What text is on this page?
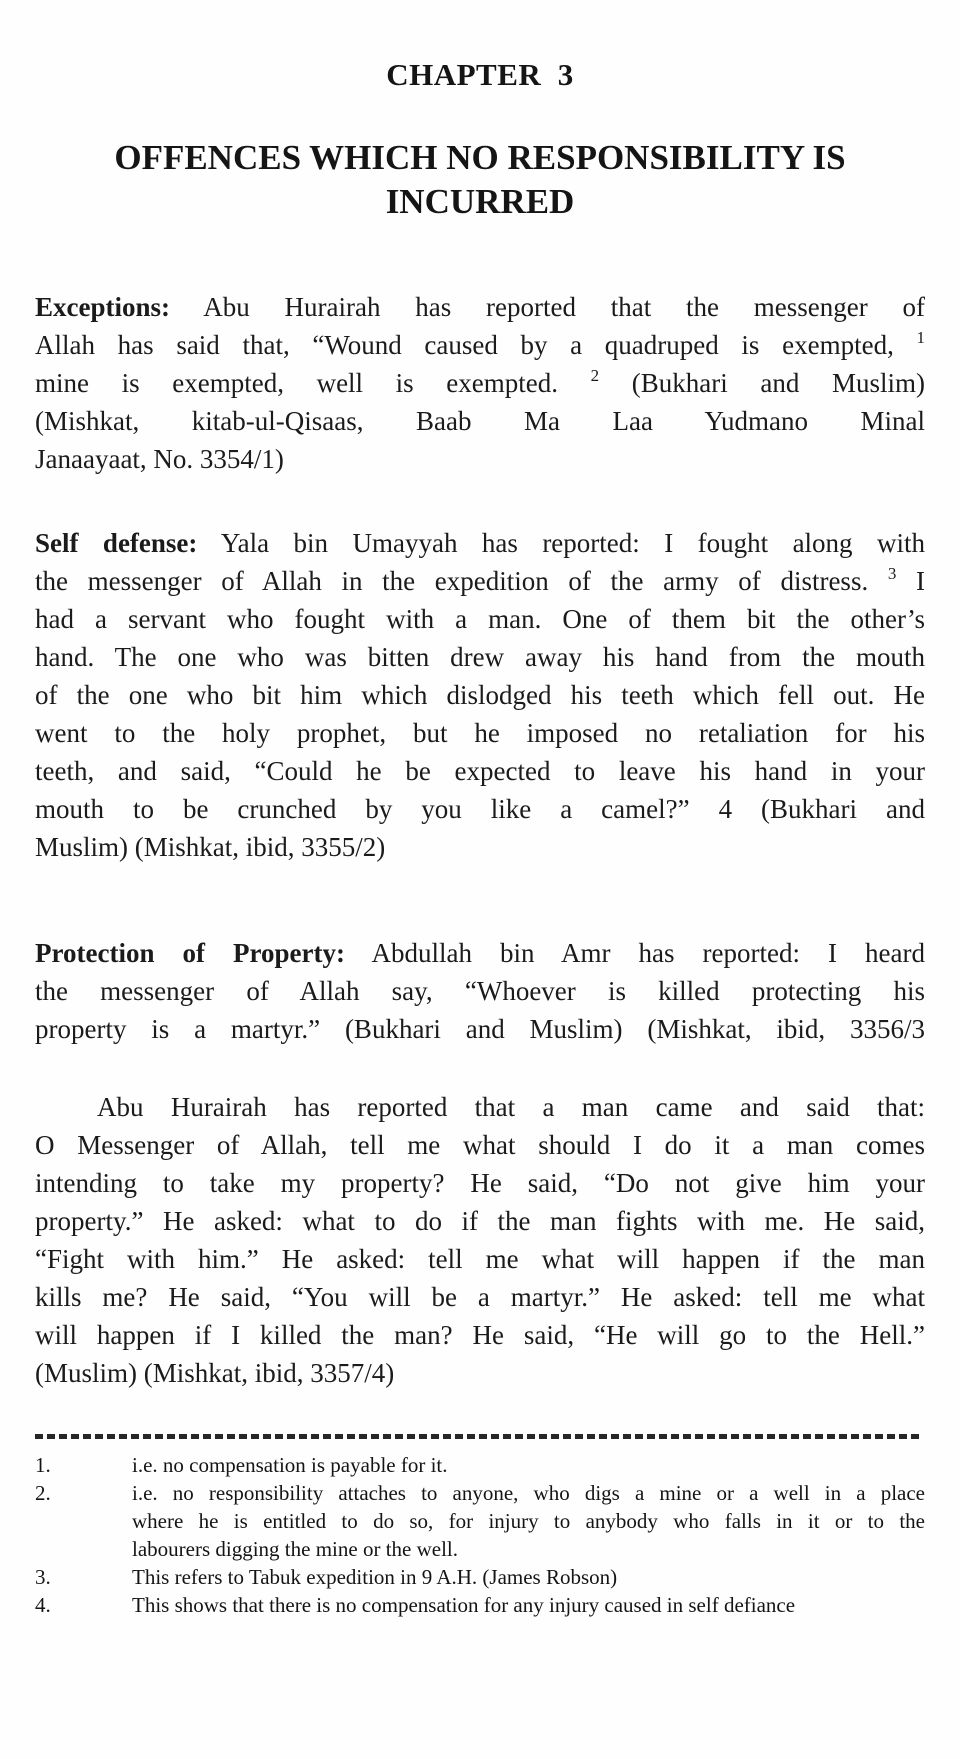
CHAPTER  3
OFFENCES WHICH NO RESPONSIBILITY IS
INCURRED
Exceptions: Abu Hurairah has reported that the messenger of
Allah has said that, “Wound caused by a quadruped is exempted, $^1$
mine is exempted, well is exempted. $^2$ (Bukhari and Muslim)
(Mishkat, kitab-ul-Qisaas, Baab Ma Laa Yudmano Minal
Janaayaat, No. 3354/1)
Self defense: Yala bin Umayyah has reported: I fought along with
the messenger of Allah in the expedition of the army of distress. $^3$ I
had a servant who fought with a man. One of them bit the other’s
hand. The one who was bitten drew away his hand from the mouth
of the one who bit him which dislodged his teeth which fell out. He
went to the holy prophet, but he imposed no retaliation for his
teeth, and said, “Could he be expected to leave his hand in your
mouth to be crunched by you like a camel?” 4 (Bukhari and
Muslim) (Mishkat, ibid, 3355/2)
Protection of Property: Abdullah bin Amr has reported: I heard
the messenger of Allah say, “Whoever is killed protecting his
property is a martyr.” (Bukhari and Muslim) (Mishkat, ibid, 3356/3
Abu Hurairah has reported that a man came and said that:
O Messenger of Allah, tell me what should I do it a man comes
intending to take my property? He said, “Do not give him your
property.” He asked: what to do if the man fights with me. He said,
“Fight with him.” He asked: tell me what will happen if the man
kills me? He said, “You will be a martyr.” He asked: tell me what
will happen if I killed the man? He said, “He will go to the Hell.”
(Muslim) (Mishkat, ibid, 3357/4)
1.	i.e. no compensation is payable for it.
2.	i.e. no responsibility attaches to anyone, who digs a mine or a well in a place
where he is entitled to do so, for injury to anybody who falls in it or to the
labourers digging the mine or the well.
3.	This refers to Tabuk expedition in 9 A.H. (James Robson)
4.	This shows that there is no compensation for any injury caused in self defiance
